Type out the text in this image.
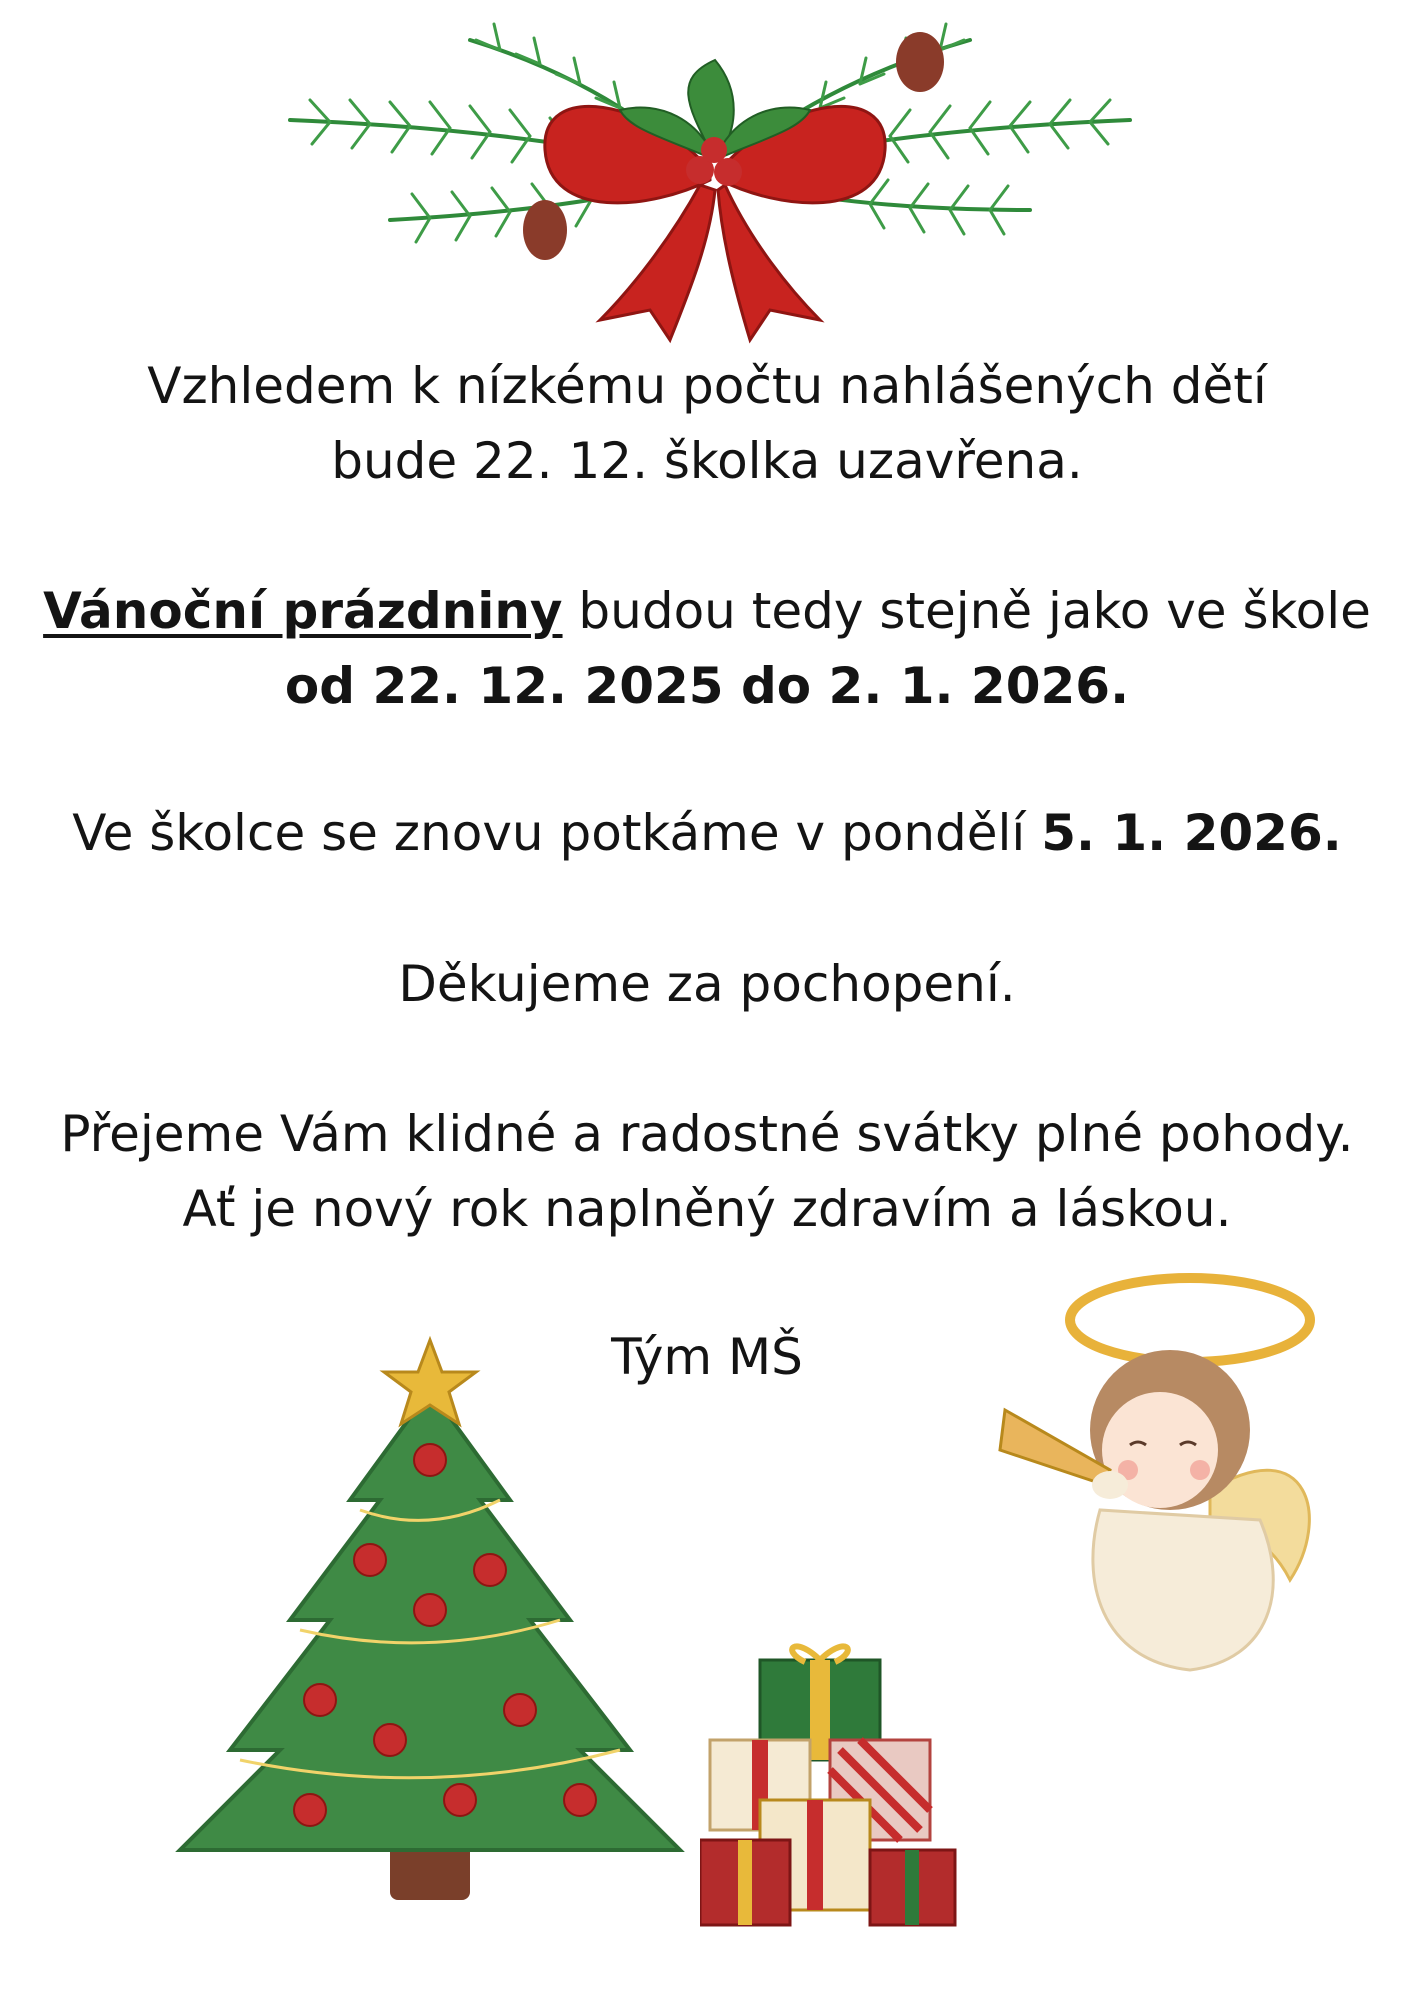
Vzhledem k nízkému počtu nahlášených dětí
bude 22. 12. školka uzavřena.
Vánoční prázdniny budou tedy stejně jako ve škole
od 22. 12. 2025 do 2. 1. 2026.
Ve školce se znovu potkáme v pondělí 5. 1. 2026.
Děkujeme za pochopení.
Přejeme Vám klidné a radostné svátky plné pohody.
Ať je nový rok naplněný zdravím a láskou.
Tým MŠ
